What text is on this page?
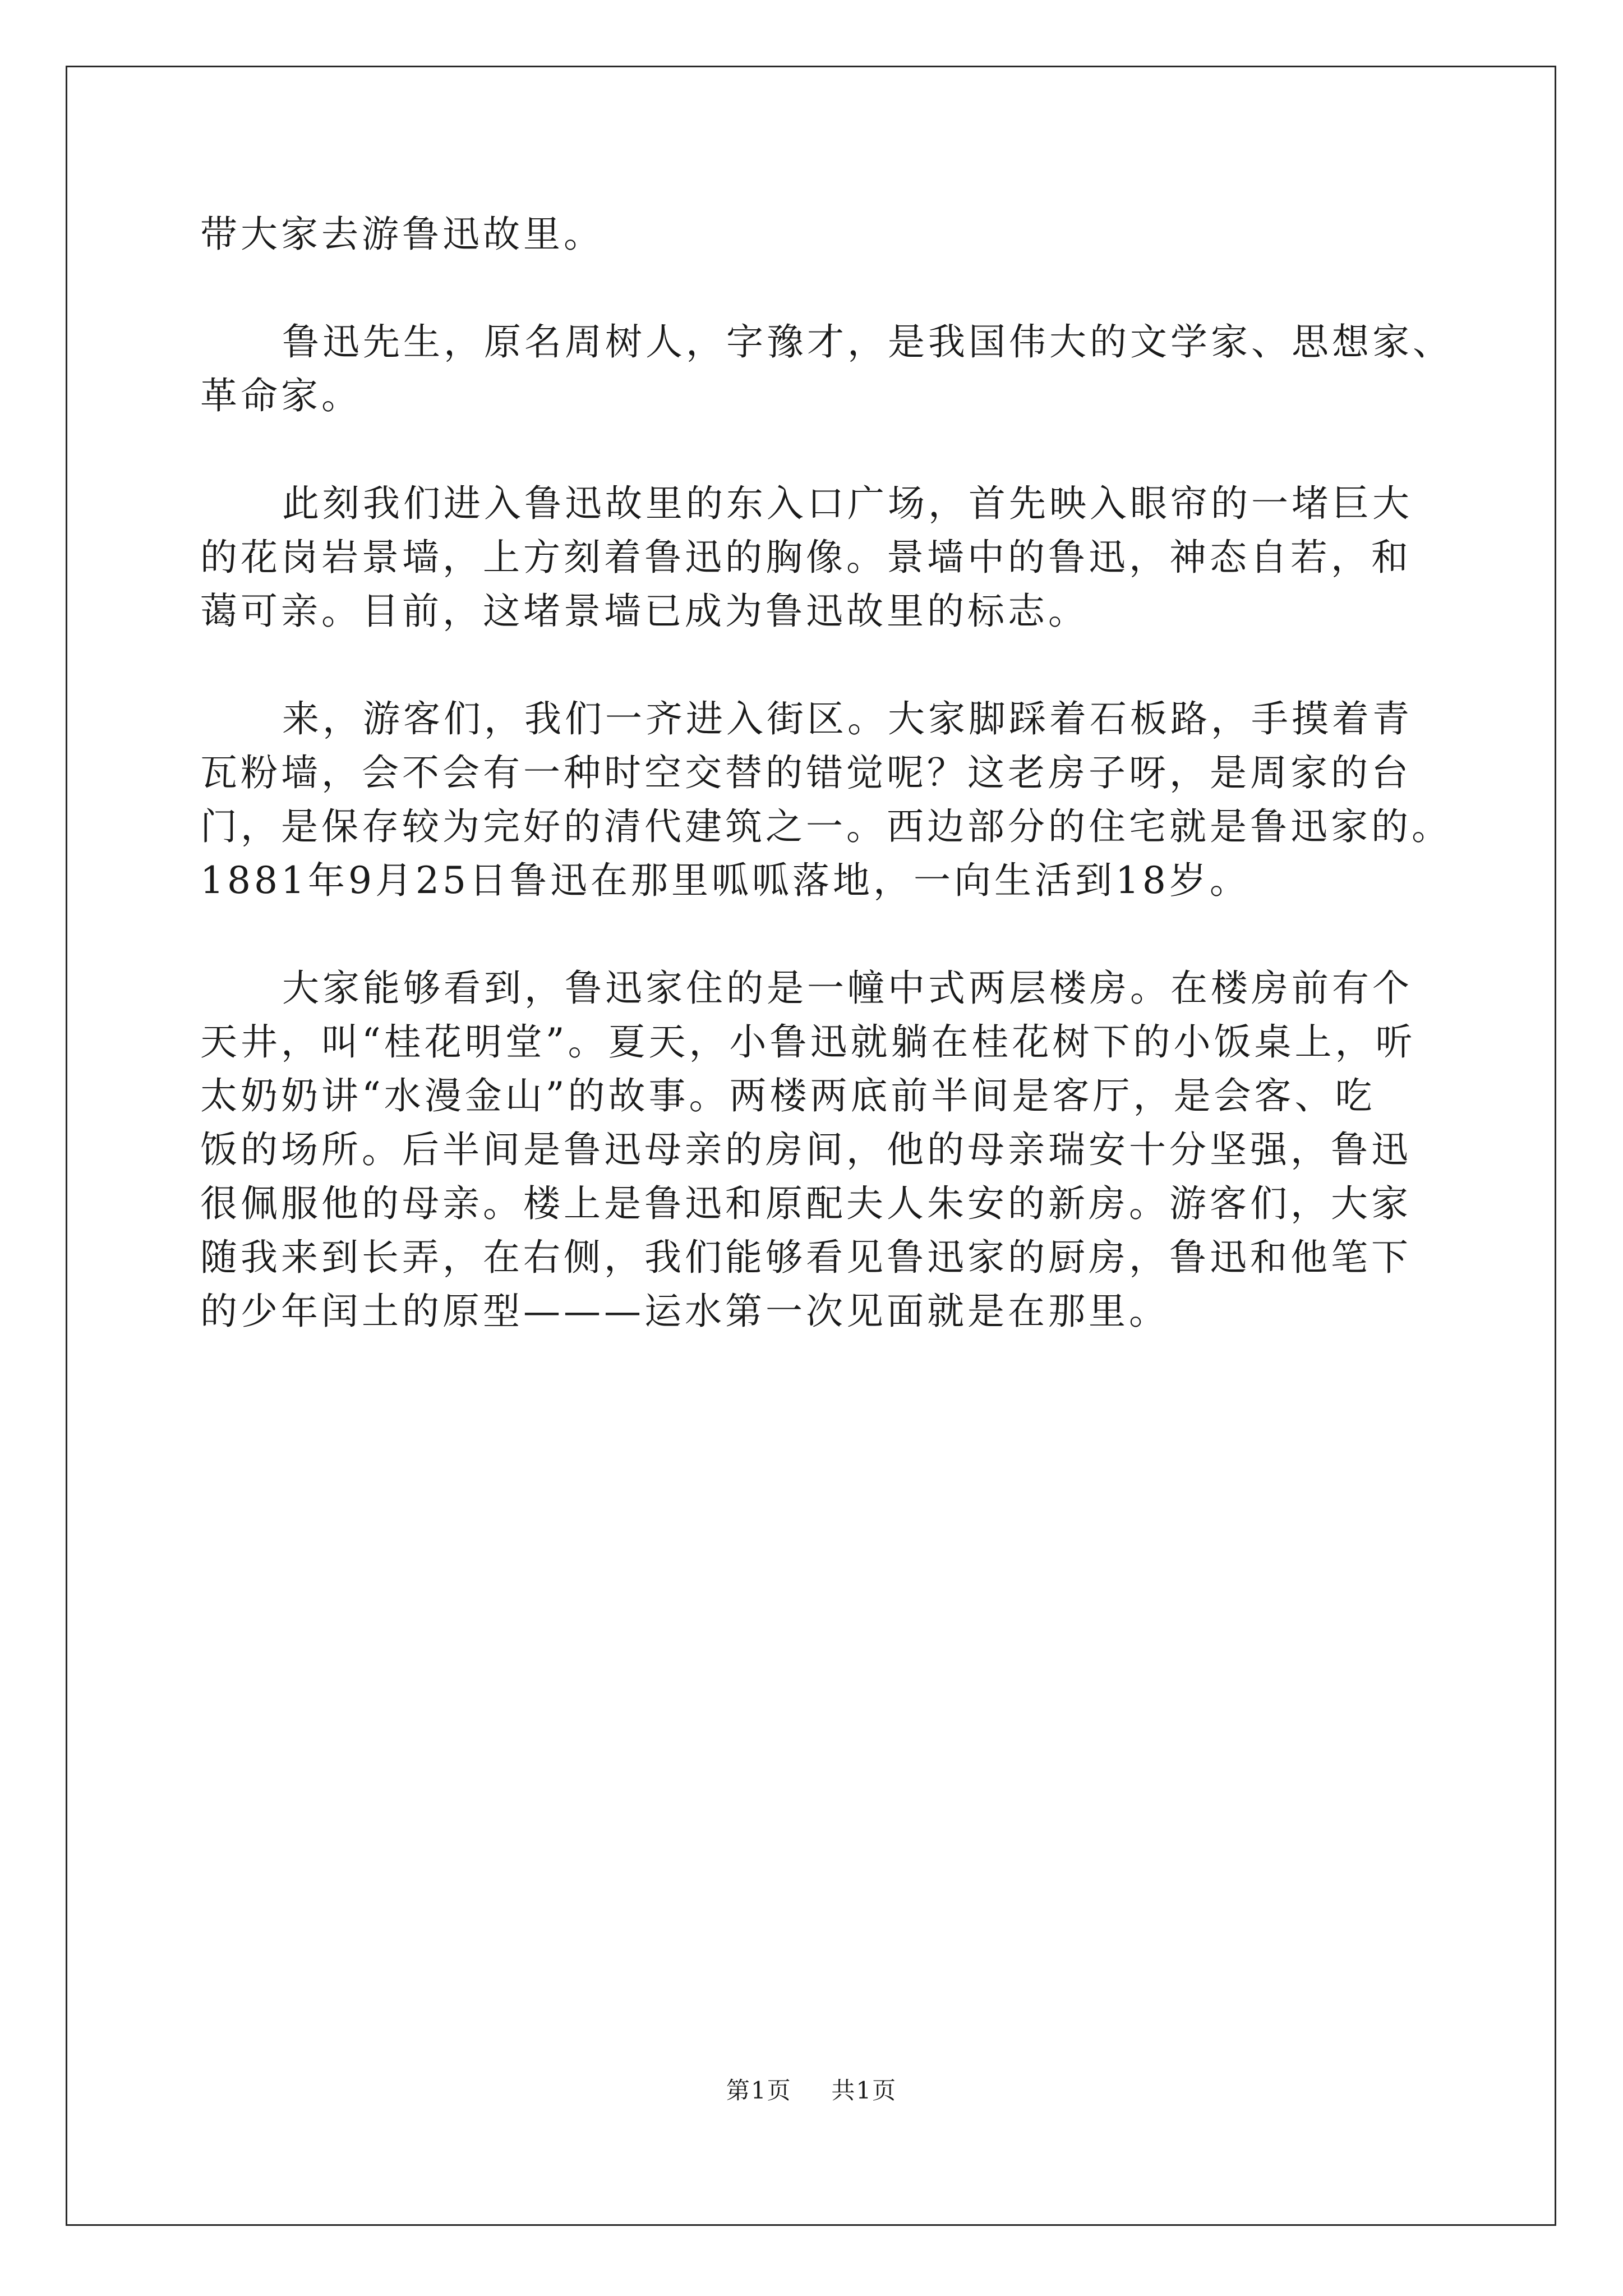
带大家去游鲁迅故里。
鲁迅先生，原名周树人，字豫才，是我国伟大的文学家、思想家、
革命家。
此刻我们进入鲁迅故里的东入口广场，首先映入眼帘的一堵巨大
的花岗岩景墙，上方刻着鲁迅的胸像。景墙中的鲁迅，神态自若，和
蔼可亲。目前，这堵景墙已成为鲁迅故里的标志。
来，游客们，我们一齐进入街区。大家脚踩着石板路，手摸着青
瓦粉墙，会不会有一种时空交替的错觉呢？这老房子呀，是周家的台
门，是保存较为完好的清代建筑之一。西边部分的住宅就是鲁迅家的。
1881年9月25日鲁迅在那里呱呱落地，一向生活到18岁。
大家能够看到，鲁迅家住的是一幢中式两层楼房。在楼房前有个
天井，叫“桂花明堂”。夏天，小鲁迅就躺在桂花树下的小饭桌上，听
太奶奶讲“水漫金山”的故事。两楼两底前半间是客厅，是会客、吃
饭的场所。后半间是鲁迅母亲的房间，他的母亲瑞安十分坚强，鲁迅
很佩服他的母亲。楼上是鲁迅和原配夫人朱安的新房。游客们，大家
随我来到长弄，在右侧，我们能够看见鲁迅家的厨房，鲁迅和他笔下
的少年闰土的原型———运水第一次见面就是在那里。
第1页 共1页
